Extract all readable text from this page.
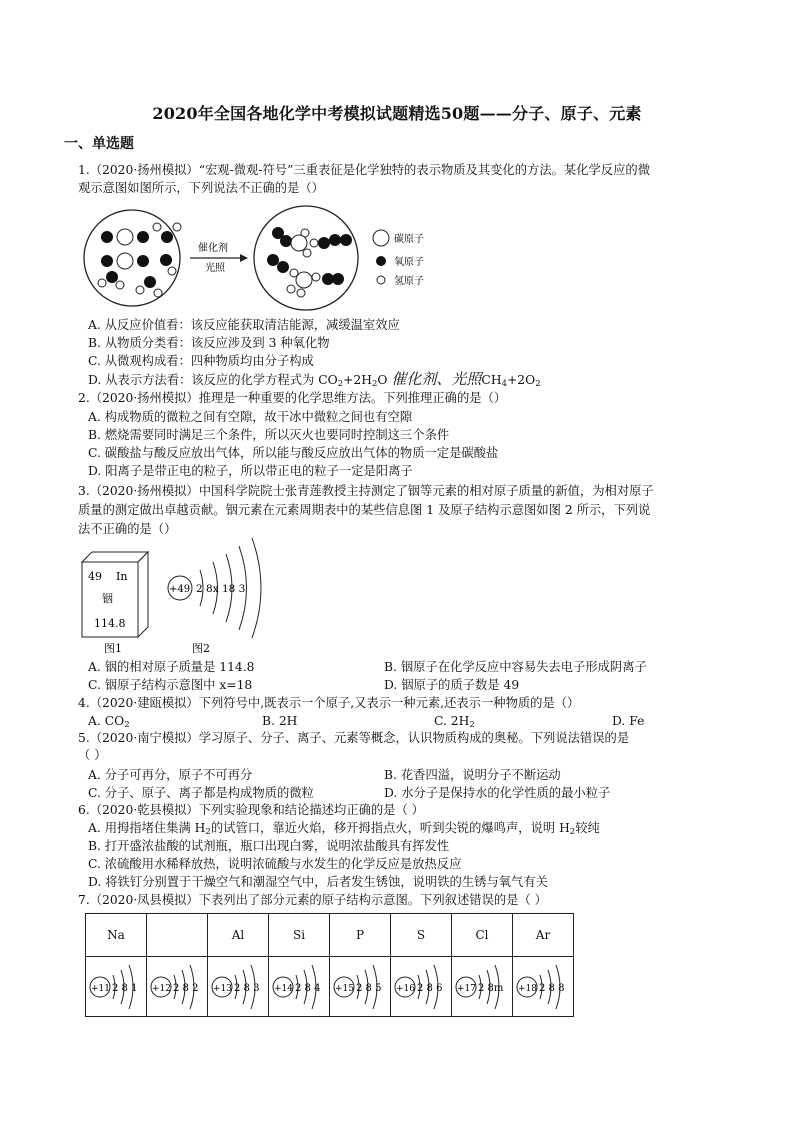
2020年全国各地化学中考模拟试题精选50题——分子、原子、元素
一、单选题
1.（2020·扬州模拟）“宏观-微观-符号”三重表征是化学独特的表示物质及其变化的方法。某化学反应的微
观示意图如图所示，下列说法不正确的是（）
催化剂
光照
碳原子
氧原子
氢原子
A. 从反应价值看：该反应能获取清洁能源，减缓温室效应
B. 从物质分类看：该反应涉及到 3 种氧化物
C. 从微观构成看：四种物质均由分子构成
D. 从表示方法看：该反应的化学方程式为 $CO_2+2H_2O$ 催化剂、光照$CH_4+2O_2$
2.（2020·扬州模拟）推理是一种重要的化学思维方法。下列推理正确的是（）
A. 构成物质的微粒之间有空隙，故干冰中微粒之间也有空隙
B. 燃烧需要同时满足三个条件，所以灭火也要同时控制这三个条件
C. 碳酸盐与酸反应放出气体，所以能与酸反应放出气体的物质一定是碳酸盐
D. 阳离子是带正电的粒子，所以带正电的粒子一定是阳离子
3.（2020·扬州模拟）中国科学院院士张青莲教授主持测定了铟等元素的相对原子质量的新值，为相对原子
质量的测定做出卓越贡献。铟元素在元素周期表中的某些信息图 1 及原子结构示意图如图 2 所示，下列说
法不正确的是（）
49 In
铟
114.8
+49 2 8x 18 3
图1	图2
A. 铟的相对原子质量是 114.8	B. 铟原子在化学反应中容易失去电子形成阴离子
C. 铟原子结构示意图中 x=18	D. 铟原子的质子数是 49
4.（2020·建瓯模拟）下列符号中,既表示一个原子,又表示一种元素,还表示一种物质的是（）
A. $CO_2$	B. 2H	C. $2H_2$	D. Fe
5.（2020·南宁模拟）学习原子、分子、离子、元素等概念，认识物质构成的奥秘。下列说法错误的是
（ ）
A. 分子可再分，原子不可再分	B. 花香四溢，说明分子不断运动
C. 分子、原子、离子都是构成物质的微粒	D. 水分子是保持水的化学性质的最小粒子
6.（2020·乾县模拟）下列实验现象和结论描述均正确的是（ ）
A. 用拇指堵住集满 $H_2$的试管口，靠近火焰，移开拇指点火，听到尖锐的爆鸣声，说明 $H_2$较纯
B. 打开盛浓盐酸的试剂瓶，瓶口出现白雾，说明浓盐酸具有挥发性
C. 浓硫酸用水稀释放热，说明浓硫酸与水发生的化学反应是放热反应
D. 将铁钉分别置于干燥空气和潮湿空气中，后者发生锈蚀，说明铁的生锈与氧气有关
7.（2020·凤县模拟）下表列出了部分元素的原子结构示意图。下列叙述错误的是（ ）
Na		Al	Si	P	S	Cl	Ar

+11 2 8 1	+12 2 8 2	+13 2 8 3	+14 2 8 4	+15 2 8 5	+16 2 8 6	+17 2 8m	+18 2 8 8
